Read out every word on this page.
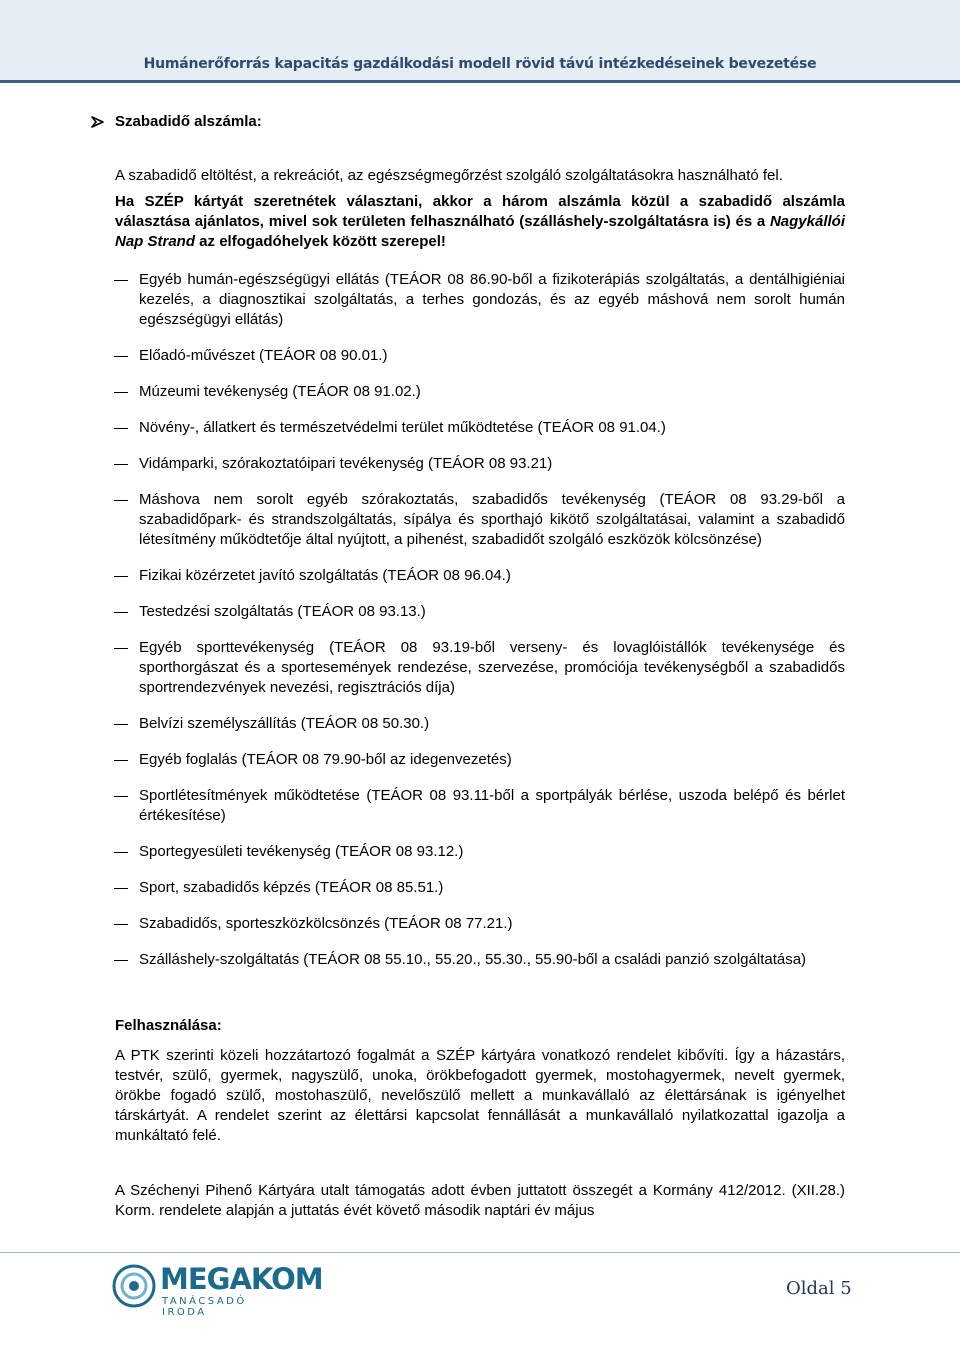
Humánerőforrás kapacitás gazdálkodási modell rövid távú intézkedéseinek bevezetése

Szabadidő alszámla:

A szabadidő eltöltést, a rekreációt, az egészségmegőrzést szolgáló szolgáltatásokra használható fel.

Ha SZÉP kártyát szeretnétek választani, akkor a három alszámla közül a szabadidő alszámla választása ajánlatos, mivel sok területen felhasználható (szálláshely-szolgáltatásra is) és a Nagykállói Nap Strand az elfogadóhelyek között szerepel!

Egyéb humán-egészségügyi ellátás (TEÁOR 08 86.90-ből a fizikoterápiás szolgáltatás, a dentálhigiéniai kezelés, a diagnosztikai szolgáltatás, a terhes gondozás, és az egyéb máshová nem sorolt humán egészségügyi ellátás)
Előadó-művészet (TEÁOR 08 90.01.)
Múzeumi tevékenység (TEÁOR 08 91.02.)
Növény-, állatkert és természetvédelmi terület működtetése (TEÁOR 08 91.04.)
Vidámparki, szórakoztatóipari tevékenység (TEÁOR 08 93.21)
Máshova nem sorolt egyéb szórakoztatás, szabadidős tevékenység (TEÁOR 08 93.29-ből a szabadidőpark- és strandszolgáltatás, sípálya és sporthajó kikötő szolgáltatásai, valamint a szabadidő létesítmény működtetője által nyújtott, a pihenést, szabadidőt szolgáló eszközök kölcsönzése)
Fizikai közérzetet javító szolgáltatás (TEÁOR 08 96.04.)
Testedzési szolgáltatás (TEÁOR 08 93.13.)
Egyéb sporttevékenység (TEÁOR 08 93.19-ből verseny- és lovaglóistállók tevékenysége és sporthorgászat és a sportesemények rendezése, szervezése, promóciója tevékenységből a szabadidős sportrendezvények nevezési, regisztrációs díja)
Belvízi személyszállítás (TEÁOR 08 50.30.)
Egyéb foglalás (TEÁOR 08 79.90-ből az idegenvezetés)
Sportlétesítmények működtetése (TEÁOR 08 93.11-ből a sportpályák bérlése, uszoda belépő és bérlet értékesítése)
Sportegyesületi tevékenység (TEÁOR 08 93.12.)
Sport, szabadidős képzés (TEÁOR 08 85.51.)
Szabadidős, sporteszközkölcsönzés (TEÁOR 08 77.21.)
Szálláshely-szolgáltatás (TEÁOR 08 55.10., 55.20., 55.30., 55.90-ből a családi panzió szolgáltatása)

Felhasználása:

A PTK szerinti közeli hozzátartozó fogalmát a SZÉP kártyára vonatkozó rendelet kibővíti. Így a házastárs, testvér, szülő, gyermek, nagyszülő, unoka, örökbefogadott gyermek, mostohagyermek, nevelt gyermek, örökbe fogadó szülő, mostohaszülő, nevelőszülő mellett a munkavállaló az élettársának is igényelhet társkártyát. A rendelet szerint az élettársi kapcsolat fennállását a munkavállaló nyilatkozattal igazolja a munkáltató felé.

A Széchenyi Pihenő Kártyára utalt támogatás adott évben juttatott összegét a Kormány 412/2012. (XII.28.) Korm. rendelete alapján a juttatás évét követő második naptári év május

MEGAKOM
TANÁCSADÓ IRODA
Oldal 5
